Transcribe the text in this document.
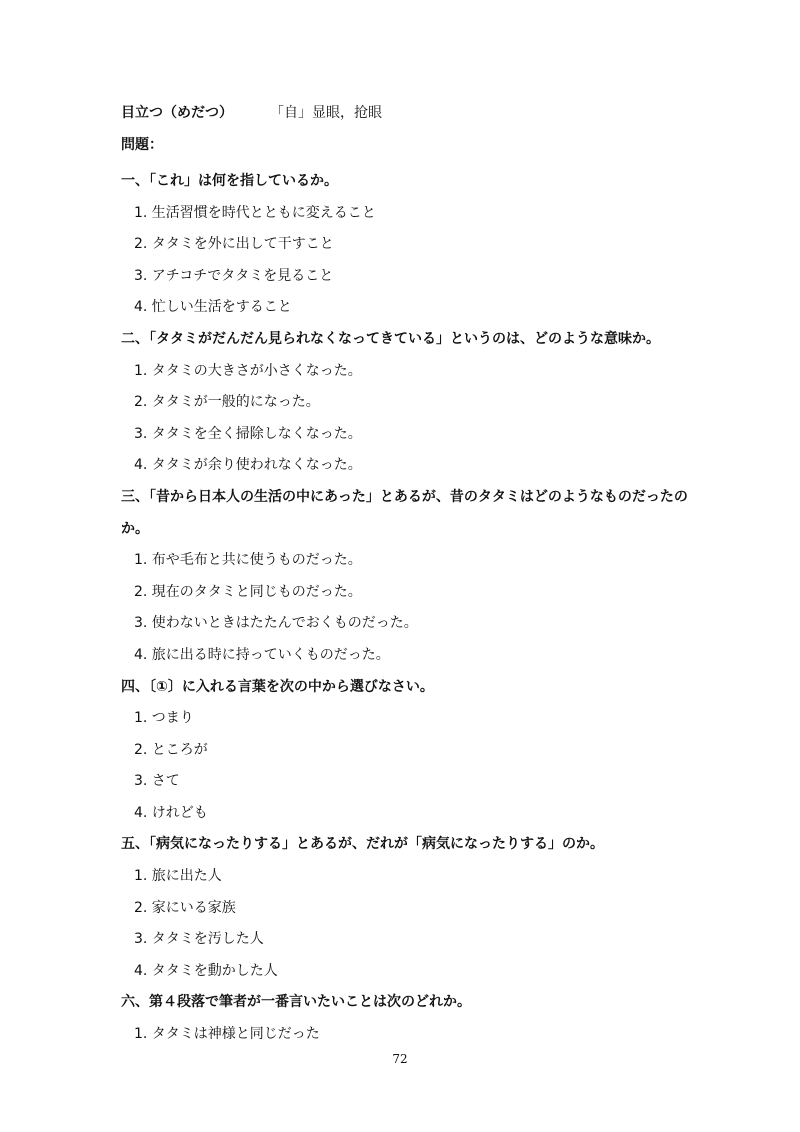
目立つ（めだつ）	「自」显眼，抢眼
問題：

一、「これ」は何を指しているか。

1. 生活習慣を時代とともに変えること
2. タタミを外に出して干すこと
3. アチコチでタタミを見ること
4. 忙しい生活をすること

二、「タタミがだんだん見られなくなってきている」というのは、どのような意味か。

1. タタミの大きさが小さくなった。
2. タタミが一般的になった。
3. タタミを全く掃除しなくなった。
4. タタミが余り使われなくなった。

三、「昔から日本人の生活の中にあった」とあるが、昔のタタミはどのようなものだったのか。

1. 布や毛布と共に使うものだった。
2. 現在のタタミと同じものだった。
3. 使わないときはたたんでおくものだった。
4. 旅に出る時に持っていくものだった。

四、〔①〕に入れる言葉を次の中から選びなさい。

1. つまり
2. ところが
3. さて
4. けれども

五、「病気になったりする」とあるが、だれが「病気になったりする」のか。

1. 旅に出た人
2. 家にいる家族
3. タタミを汚した人
4. タタミを動かした人

六、第４段落で筆者が一番言いたいことは次のどれか。

1. タタミは神様と同じだった
72
